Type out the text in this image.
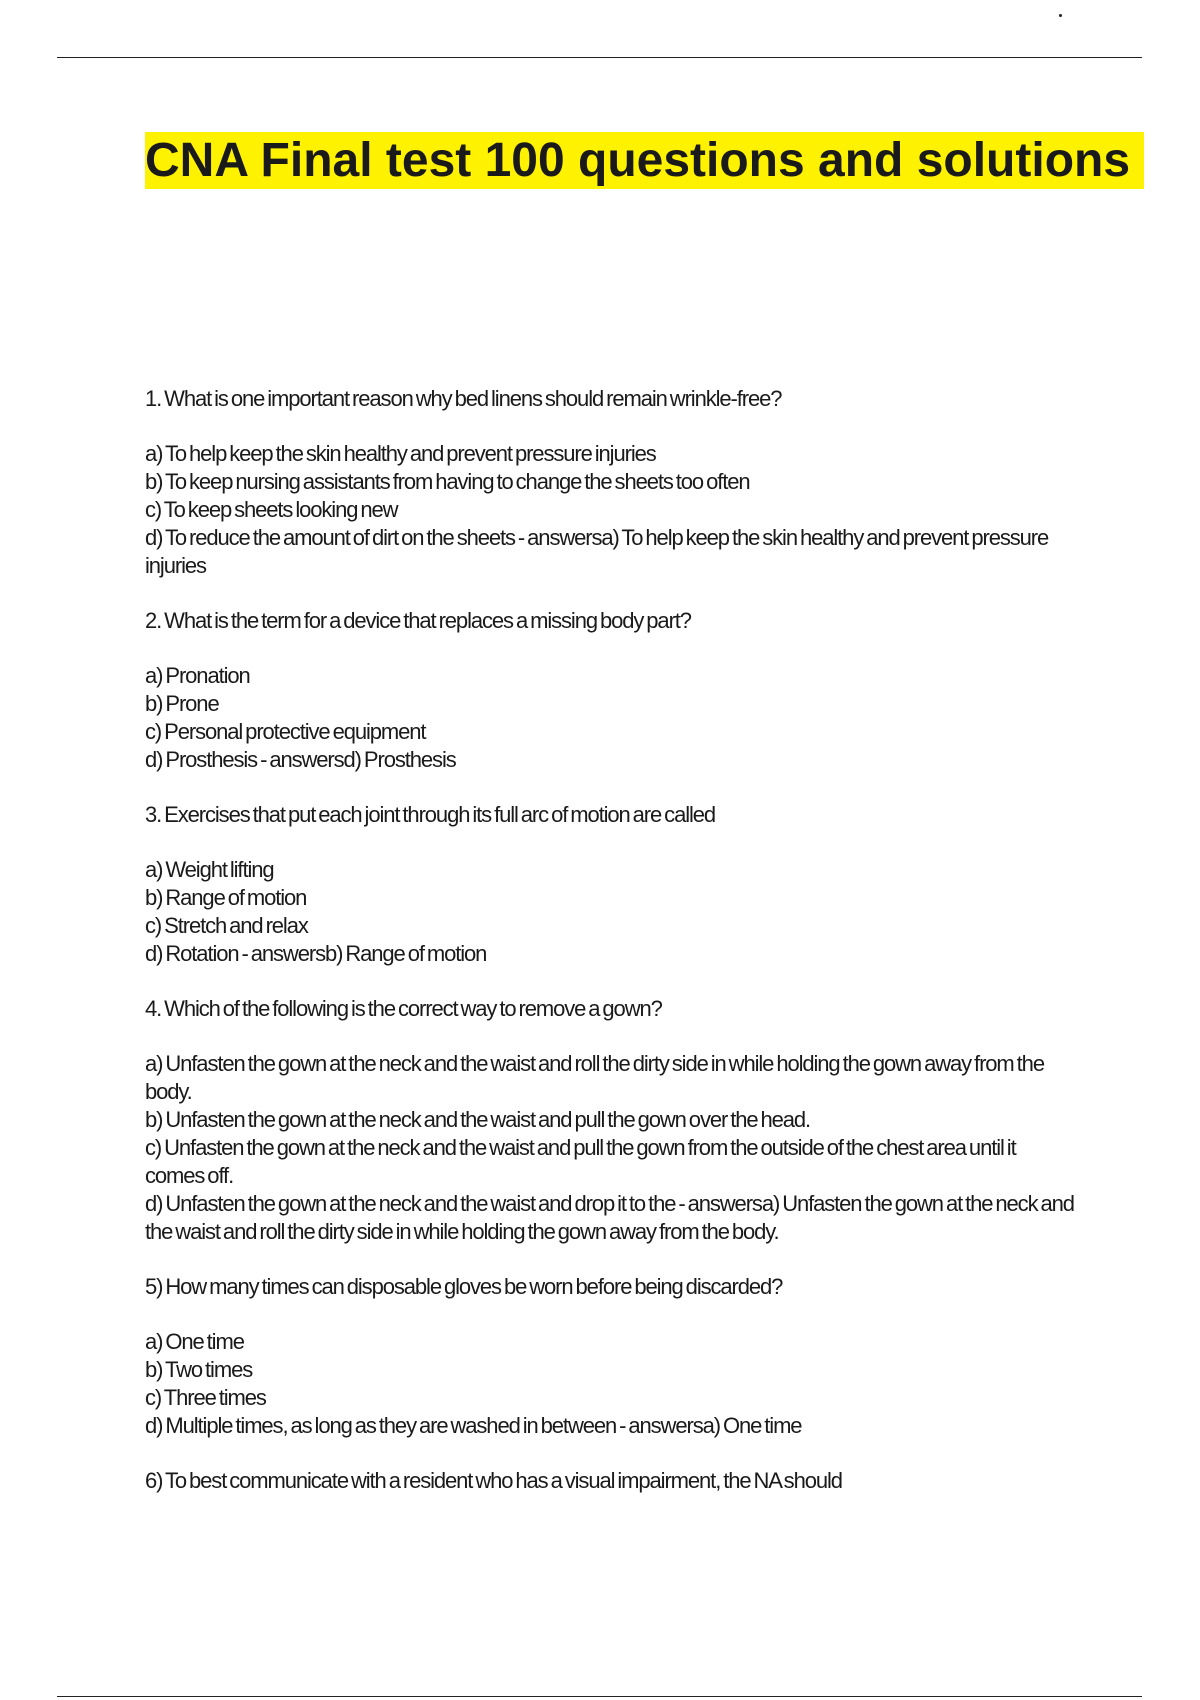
CNA Final test 100 questions and solutions

1. What is one important reason why bed linens should remain wrinkle-free?

a) To help keep the skin healthy and prevent pressure injuries
b) To keep nursing assistants from having to change the sheets too often
c) To keep sheets looking new
d) To reduce the amount of dirt on the sheets - answersa) To help keep the skin healthy and prevent pressure injuries

2. What is the term for a device that replaces a missing body part?

a) Pronation
b) Prone
c) Personal protective equipment
d) Prosthesis - answersd) Prosthesis

3. Exercises that put each joint through its full arc of motion are called

a) Weight lifting
b) Range of motion
c) Stretch and relax
d) Rotation - answersb) Range of motion

4. Which of the following is the correct way to remove a gown?

a) Unfasten the gown at the neck and the waist and roll the dirty side in while holding the gown away from the body.
b) Unfasten the gown at the neck and the waist and pull the gown over the head.
c) Unfasten the gown at the neck and the waist and pull the gown from the outside of the chest area until it comes off.
d) Unfasten the gown at the neck and the waist and drop it to the - answersa) Unfasten the gown at the neck and the waist and roll the dirty side in while holding the gown away from the body.

5) How many times can disposable gloves be worn before being discarded?

a) One time
b) Two times
c) Three times
d) Multiple times, as long as they are washed in between - answersa) One time

6) To best communicate with a resident who has a visual impairment, the NA should
